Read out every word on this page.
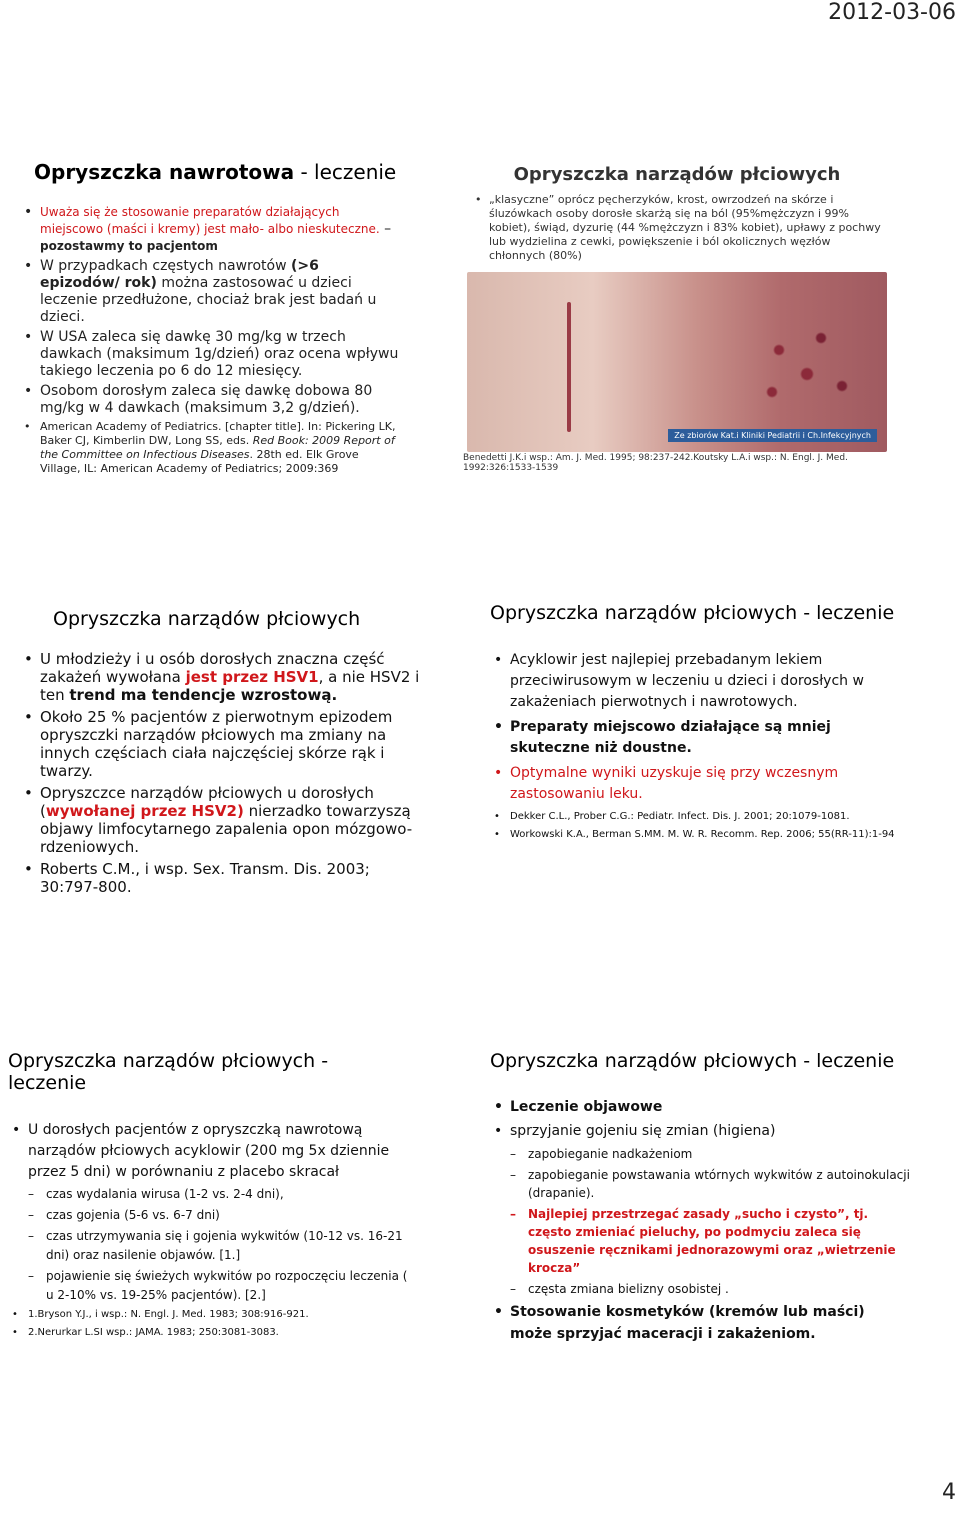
2012-03-06
Opryszczka nawrotowa - leczenie
• Uważa się że stosowanie preparatów działających miejscowo (maści i kremy) jest mało- albo nieskuteczne. – pozostawmy to pacjentom
• W przypadkach częstych nawrotów (>6 epizodów/ rok) można zastosować u dzieci leczenie przedłużone, chociaż brak jest badań u dzieci.
• W USA zaleca się dawkę 30 mg/kg w trzech dawkach (maksimum 1g/dzień) oraz ocena wpływu takiego leczenia po 6 do 12 miesięcy.
• Osobom dorosłym zaleca się dawkę dobowa 80 mg/kg w 4 dawkach (maksimum 3,2 g/dzień).
• American Academy of Pediatrics. [chapter title]. In: Pickering LK, Baker CJ, Kimberlin DW, Long SS, eds. Red Book: 2009 Report of the Committee on Infectious Diseases. 28th ed. Elk Grove Village, IL: American Academy of Pediatrics; 2009:369
Opryszczka narządów płciowych
• „klasyczne” oprócz pęcherzyków, krost, owrzodzeń na skórze i śluzówkach osoby dorosłe skarżą się na ból (95%mężczyzn i 99% kobiet), świąd, dyzurię (44 %mężczyzn i 83% kobiet), upławy z pochwy lub wydzielina z cewki, powiększenie i ból okolicznych węzłów chłonnych (80%)
Ze zbiorów Kat.i Kliniki Pediatrii i Ch.Infekcyjnych
Benedetti J.K.i wsp.: Am. J. Med. 1995; 98:237-242.Koutsky L.A.i wsp.: N. Engl. J. Med. 1992:326:1533-1539
Opryszczka narządów płciowych
• U młodzieży i u osób dorosłych znaczna część zakażeń wywołana jest przez HSV1, a nie HSV2 i ten trend ma tendencje wzrostową.
• Około 25 % pacjentów z pierwotnym epizodem opryszczki narządów płciowych ma zmiany na innych częściach ciała najczęściej skórze rąk i twarzy.
• Opryszczce narządów płciowych u dorosłych (wywołanej przez HSV2) nierzadko towarzyszą objawy limfocytarnego zapalenia opon mózgowo-rdzeniowych.
• Roberts C.M., i wsp. Sex. Transm. Dis. 2003; 30:797-800.
Opryszczka narządów płciowych - leczenie
• Acyklowir jest najlepiej przebadanym lekiem przeciwirusowym w leczeniu u dzieci i dorosłych w zakażeniach pierwotnych i nawrotowych.
• Preparaty miejscowo działające są mniej skuteczne niż doustne.
• Optymalne wyniki uzyskuje się przy wczesnym zastosowaniu leku.
• Dekker C.L., Prober C.G.: Pediatr. Infect. Dis. J. 2001; 20:1079-1081.
• Workowski K.A., Berman S.MM. M. W. R. Recomm. Rep. 2006; 55(RR-11):1-94
Opryszczka narządów płciowych - leczenie
• U dorosłych pacjentów z opryszczką nawrotową narządów płciowych acyklowir (200 mg 5x dziennie przez 5 dni) w porównaniu z placebo skracał
– czas wydalania wirusa (1-2 vs. 2-4 dni),
– czas gojenia (5-6 vs. 6-7 dni)
– czas utrzymywania się i gojenia wykwitów (10-12 vs. 16-21 dni) oraz nasilenie objawów. [1.]
– pojawienie się świeżych wykwitów po rozpoczęciu leczenia ( u 2-10% vs. 19-25% pacjentów). [2.]
• 1.Bryson Y.J., i wsp.: N. Engl. J. Med. 1983; 308:916-921.
• 2.Nerurkar L.SI wsp.: JAMA. 1983; 250:3081-3083.
Opryszczka narządów płciowych - leczenie
• Leczenie objawowe
• sprzyjanie gojeniu się zmian (higiena)
– zapobieganie nadkażeniom
– zapobieganie powstawania wtórnych wykwitów z autoinokulacji (drapanie).
– Najlepiej przestrzegać zasady „sucho i czysto”, tj. często zmieniać pieluchy, po podmyciu zaleca się osuszenie ręcznikami jednorazowymi oraz „wietrzenie krocza”
– częsta zmiana bielizny osobistej .
• Stosowanie kosmetyków (kremów lub maści) może sprzyjać maceracji i zakażeniom.
4
